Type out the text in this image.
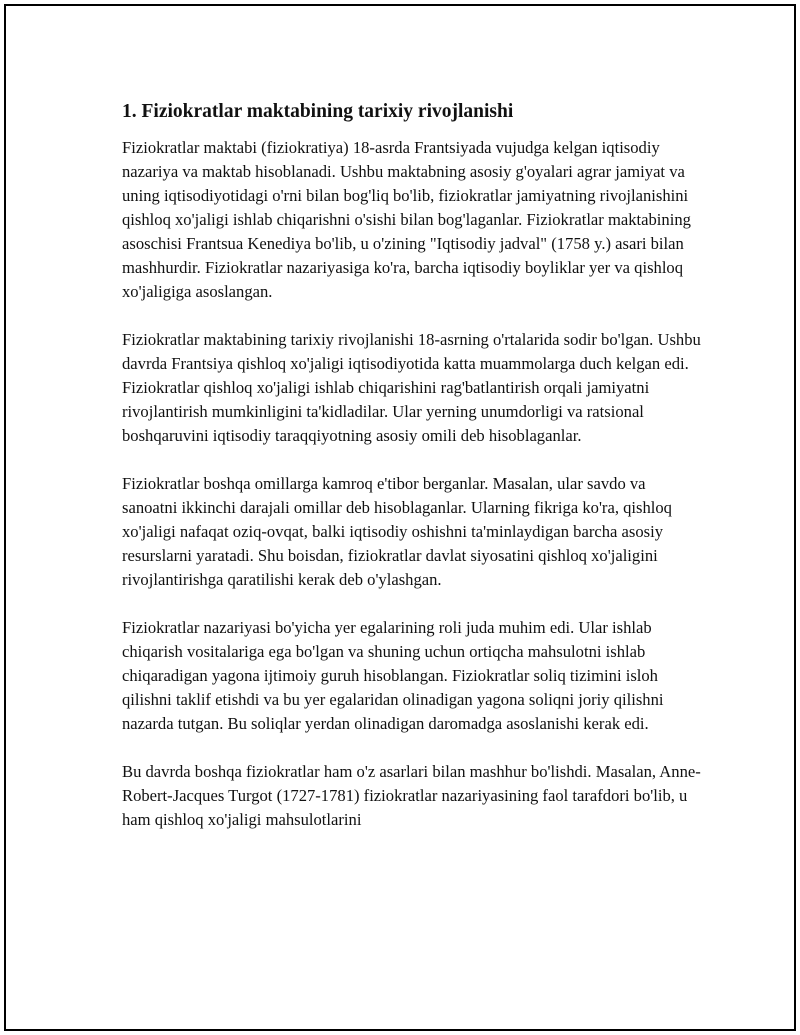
1. Fiziokratlar maktabining tarixiy rivojlanishi

Fiziokratlar maktabi (fiziokratiya) 18-asrda Frantsiyada vujudga kelgan iqtisodiy nazariya va maktab hisoblanadi. Ushbu maktabning asosiy g'oyalari agrar jamiyat va uning iqtisodiyotidagi o'rni bilan bog'liq bo'lib, fiziokratlar jamiyatning rivojlanishini qishloq xo'jaligi ishlab chiqarishni o'sishi bilan bog'laganlar. Fiziokratlar maktabining asoschisi Frantsua Kenediya bo'lib, u o'zining "Iqtisodiy jadval" (1758 y.) asari bilan mashhurdir. Fiziokratlar nazariyasiga ko'ra, barcha iqtisodiy boyliklar yer va qishloq xo'jaligiga asoslangan.

Fiziokratlar maktabining tarixiy rivojlanishi 18-asrning o'rtalarida sodir bo'lgan. Ushbu davrda Frantsiya qishloq xo'jaligi iqtisodiyotida katta muammolarga duch kelgan edi. Fiziokratlar qishloq xo'jaligi ishlab chiqarishini rag'batlantirish orqali jamiyatni rivojlantirish mumkinligini ta'kidladilar. Ular yerning unumdorligi va ratsional boshqaruvini iqtisodiy taraqqiyotning asosiy omili deb hisoblaganlar.

Fiziokratlar boshqa omillarga kamroq e'tibor berganlar. Masalan, ular savdo va sanoatni ikkinchi darajali omillar deb hisoblaganlar. Ularning fikriga ko'ra, qishloq xo'jaligi nafaqat oziq-ovqat, balki iqtisodiy oshishni ta'minlaydigan barcha asosiy resurslarni yaratadi. Shu boisdan, fiziokratlar davlat siyosatini qishloq xo'jaligini rivojlantirishga qaratilishi kerak deb o'ylashgan.

Fiziokratlar nazariyasi bo'yicha yer egalarining roli juda muhim edi. Ular ishlab chiqarish vositalariga ega bo'lgan va shuning uchun ortiqcha mahsulotni ishlab chiqaradigan yagona ijtimoiy guruh hisoblangan. Fiziokratlar soliq tizimini isloh qilishni taklif etishdi va bu yer egalaridan olinadigan yagona soliqni joriy qilishni nazarda tutgan. Bu soliqlar yerdan olinadigan daromadga asoslanishi kerak edi.

Bu davrda boshqa fiziokratlar ham o'z asarlari bilan mashhur bo'lishdi. Masalan, Anne-Robert-Jacques Turgot (1727-1781) fiziokratlar nazariyasining faol tarafdori bo'lib, u ham qishloq xo'jaligi mahsulotlarini
